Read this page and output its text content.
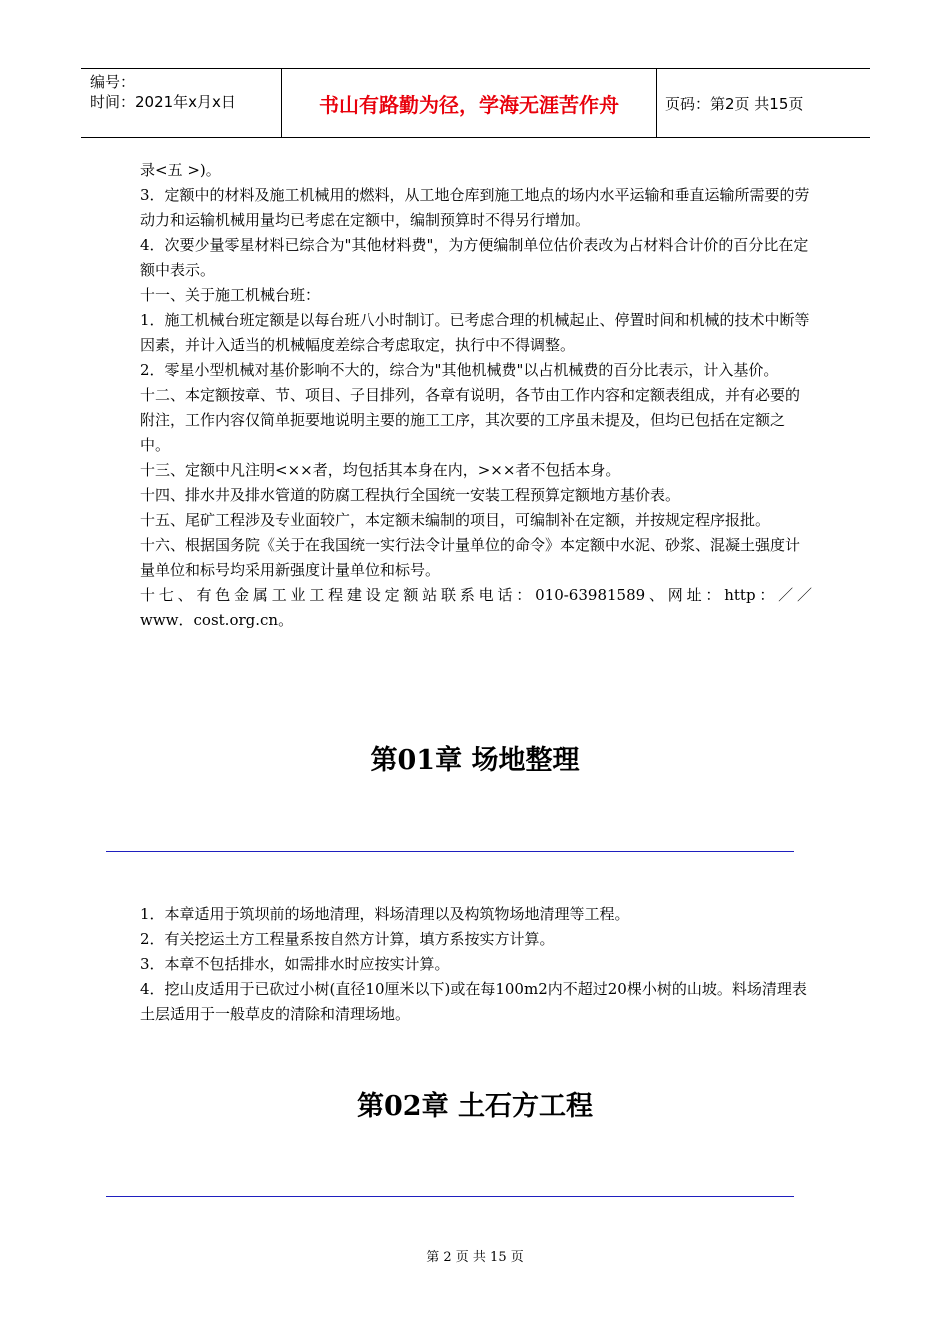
编号：
时间：2021年x月x日	书山有路勤为径，学海无涯苦作舟	页码：第2页 共15页

录<五 >)。

3．定额中的材料及施工机械用的燃料，从工地仓库到施工地点的场内水平运输和垂直运输所需要的劳动力和运输机械用量均已考虑在定额中，编制预算时不得另行增加。

4．次要少量零星材料已综合为"其他材料费"，为方便编制单位估价表改为占材料合计价的百分比在定额中表示。

十一、关于施工机械台班：

1．施工机械台班定额是以每台班八小时制订。已考虑合理的机械起止、停置时间和机械的技术中断等因素，并计入适当的机械幅度差综合考虑取定，执行中不得调整。

2．零星小型机械对基价影响不大的，综合为"其他机械费"以占机械费的百分比表示，计入基价。

十二、本定额按章、节、项目、子目排列，各章有说明，各节由工作内容和定额表组成，并有必要的附注，工作内容仅简单扼要地说明主要的施工工序，其次要的工序虽未提及，但均已包括在定额之中。

十三、定额中凡注明<××者，均包括其本身在内，>××者不包括本身。

十四、排水井及排水管道的防腐工程执行全国统一安装工程预算定额地方基价表。

十五、尾矿工程涉及专业面较广，本定额未编制的项目，可编制补在定额，并按规定程序报批。

十六、根据国务院《关于在我国统一实行法令计量单位的命令》本定额中水泥、砂浆、混凝土强度计量单位和标号均采用新强度计量单位和标号。

十七、有色金属工业工程建设定额站联系电话：010-63981589、网址：http：／／

www．cost.org.cn。

第01章 场地整理

1．本章适用于筑坝前的场地清理，料场清理以及构筑物场地清理等工程。

2．有关挖运土方工程量系按自然方计算，填方系按实方计算。

3．本章不包括排水，如需排水时应按实计算。

4．挖山皮适用于已砍过小树(直径10厘米以下)或在每100m2内不超过20棵小树的山坡。料场清理表土层适用于一般草皮的清除和清理场地。

第02章 土石方工程
第 2 页 共 15 页
